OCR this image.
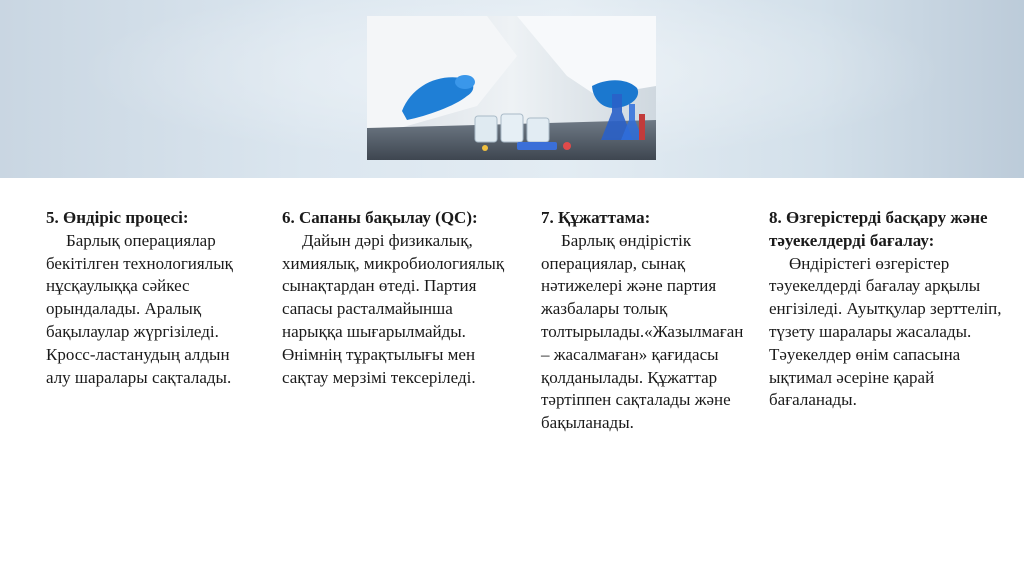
5. Өндіріс процесі:

Барлық операциялар бекітілген технологиялық нұсқаулыққа сәйкес орындалады. Аралық бақылаулар жүргізіледі. Кросс-ластанудың алдын алу шаралары сақталады.

6. Сапаны бақылау (QC):

Дайын дәрі физикалық, химиялық, микробиологиялық сынақтардан өтеді. Партия сапасы расталмайынша нарыққа шығарылмайды. Өнімнің тұрақтылығы мен сақтау мерзімі тексеріледі.

7. Құжаттама:

Барлық өндірістік операциялар, сынақ нәтижелері және партия жазбалары толық толтырылады.«Жазылмаған – жасалмаған» қағидасы қолданылады. Құжаттар тәртіппен сақталады және бақыланады.

8. Өзгерістерді басқару және тәуекелдерді бағалау:

Өндірістегі өзгерістер тәуекелдерді бағалау арқылы енгізіледі. Ауытқулар зерттеліп, түзету шаралары жасалады. Тәуекелдер өнім сапасына ықтимал әсеріне қарай бағаланады.
